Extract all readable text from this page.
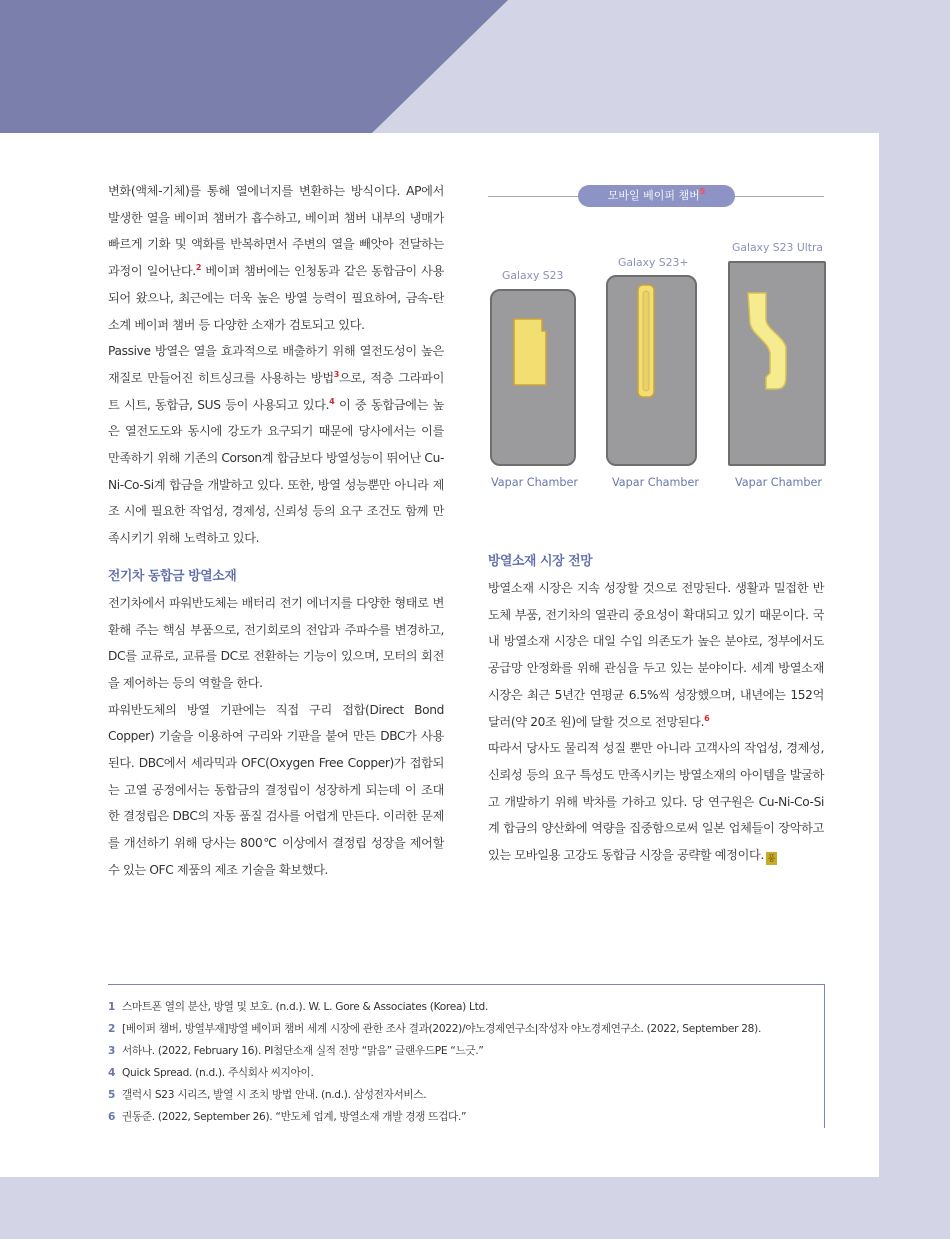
변화(액체-기체)를 통해 열에너지를 변환하는 방식이다. AP에서 발생한 열을 베이퍼 챔버가 흡수하고, 베이퍼 챔버 내부의 냉매가 빠르게 기화 및 액화를 반복하면서 주변의 열을 빼앗아 전달하는 과정이 일어난다.$^2$ 베이퍼 챔버에는 인청동과 같은 동합금이 사용되어 왔으나, 최근에는 더욱 높은 방열 능력이 필요하여, 금속-탄소계 베이퍼 챔버 등 다양한 소재가 검토되고 있다.

Passive 방열은 열을 효과적으로 배출하기 위해 열전도성이 높은 재질로 만들어진 히트싱크를 사용하는 방법$^3$으로, 적층 그라파이트 시트, 동합금, SUS 등이 사용되고 있다.$^4$ 이 중 동합금에는 높은 열전도도와 동시에 강도가 요구되기 때문에 당사에서는 이를 만족하기 위해 기존의 Corson계 합금보다 방열성능이 뛰어난 Cu-Ni-Co-Si계 합금을 개발하고 있다. 또한, 방열 성능뿐만 아니라 제조 시에 필요한 작업성, 경제성, 신뢰성 등의 요구 조건도 함께 만족시키기 위해 노력하고 있다.

전기차 동합금 방열소재

전기차에서 파워반도체는 배터리 전기 에너지를 다양한 형태로 변환해 주는 핵심 부품으로, 전기회로의 전압과 주파수를 변경하고, DC를 교류로, 교류를 DC로 전환하는 기능이 있으며, 모터의 회전을 제어하는 등의 역할을 한다.

파워반도체의 방열 기판에는 직접 구리 접합(Direct Bond Copper) 기술을 이용하여 구리와 기판을 붙여 만든 DBC가 사용된다. DBC에서 세라믹과 OFC(Oxygen Free Copper)가 접합되는 고열 공정에서는 동합금의 결정립이 성장하게 되는데 이 조대한 결정립은 DBC의 자동 품질 검사를 어렵게 만든다. 이러한 문제를 개선하기 위해 당사는 800℃ 이상에서 결정립 성장을 제어할 수 있는 OFC 제품의 제조 기술을 확보했다.

모바일 베이퍼 챔버$^5$
Galaxy S23
Galaxy S23+
Galaxy S23 Ultra
Vapar Chamber	Vapar Chamber	Vapar Chamber
방열소재 시장 전망

방열소재 시장은 지속 성장할 것으로 전망된다. 생활과 밀접한 반도체 부품, 전기차의 열관리 중요성이 확대되고 있기 때문이다. 국내 방열소재 시장은 대일 수입 의존도가 높은 분야로, 정부에서도 공급망 안정화를 위해 관심을 두고 있는 분야이다. 세계 방열소재 시장은 최근 5년간 연평균 6.5%씩 성장했으며, 내년에는 152억 달러(약 20조 원)에 달할 것으로 전망된다.$^6$

따라서 당사도 물리적 성질 뿐만 아니라 고객사의 작업성, 경제성, 신뢰성 등의 요구 특성도 만족시키는 방열소재의 아이템을 발굴하고 개발하기 위해 박차를 가하고 있다. 당 연구원은 Cu-Ni-Co-Si계 합금의 양산화에 역량을 집중함으로써 일본 업체들이 장악하고 있는 모바일용 고강도 동합금 시장을 공략할 예정이다. 풍

1 스마트폰 열의 분산, 방열 및 보호. (n.d.). W. L. Gore & Associates (Korea) Ltd.
2 [베이퍼 챔버, 방열부재]방열 베이퍼 챔버 세계 시장에 관한 조사 결과(2022)/야노경제연구소|작성자 야노경제연구소. (2022, September 28).
3 서하나. (2022, February 16). PI첨단소재 실적 전망 “맑음” 글랜우드PE “느긋.”
4 Quick Spread. (n.d.). 주식회사 씨지아이.
5 갤럭시 S23 시리즈, 발열 시 조치 방법 안내. (n.d.). 삼성전자서비스.
6 권동준. (2022, September 26). “반도체 업계, 방열소재 개발 경쟁 뜨겁다.”
